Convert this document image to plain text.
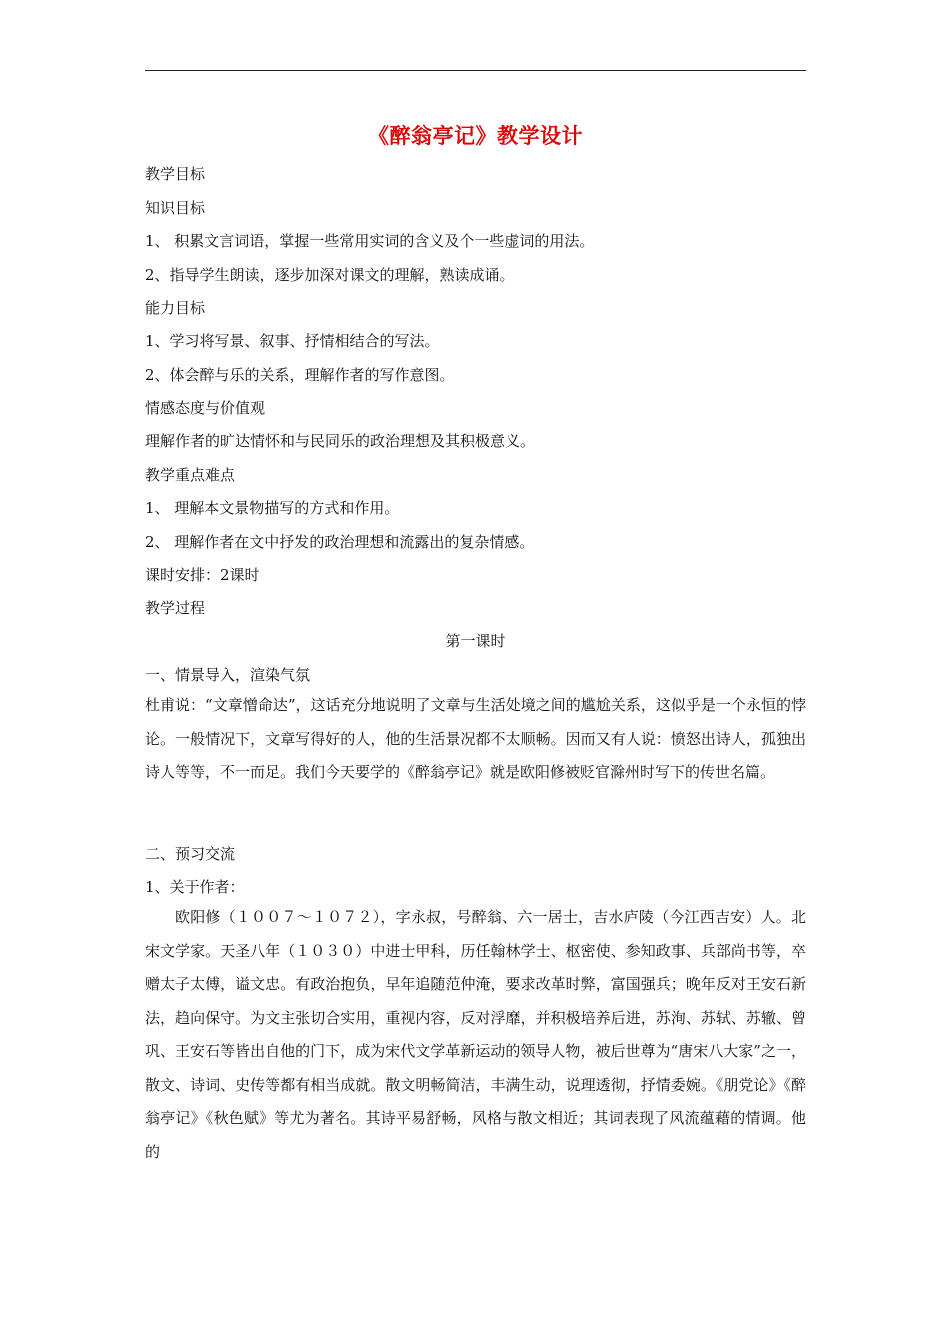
《醉翁亭记》教学设计
教学目标
知识目标
1、 积累文言词语，掌握一些常用实词的含义及个一些虚词的用法。
2、指导学生朗读，逐步加深对课文的理解，熟读成诵。
能力目标
1、学习将写景、叙事、抒情相结合的写法。
2、体会醉与乐的关系，理解作者的写作意图。
情感态度与价值观
理解作者的旷达情怀和与民同乐的政治理想及其积极意义。
教学重点难点
1、 理解本文景物描写的方式和作用。
2、 理解作者在文中抒发的政治理想和流露出的复杂情感。
课时安排：2课时
教学过程
第一课时
一、情景导入，渲染气氛
杜甫说：“文章憎命达”，这话充分地说明了文章与生活处境之间的尴尬关系，这似乎是一个永恒的悖论。一般情况下，文章写得好的人，他的生活景况都不太顺畅。因而又有人说：愤怒出诗人，孤独出诗人等等，不一而足。我们今天要学的《醉翁亭记》就是欧阳修被贬官滁州时写下的传世名篇。
二、预习交流
1、关于作者：
欧阳修（１００７～１０７２），字永叔，号醉翁、六一居士，吉水庐陵（今江西吉安）人。北宋文学家。天圣八年（１０３０）中进士甲科，历任翰林学士、枢密使、参知政事、兵部尚书等，卒赠太子太傅，谥文忠。有政治抱负，早年追随范仲淹，要求改革时弊，富国强兵；晚年反对王安石新法，趋向保守。为文主张切合实用，重视内容，反对浮靡，并积极培养后进，苏洵、苏轼、苏辙、曾巩、王安石等皆出自他的门下，成为宋代文学革新运动的领导人物，被后世尊为“唐宋八大家”之一，散文、诗词、史传等都有相当成就。散文明畅简洁，丰满生动，说理透彻，抒情委婉。《朋党论》《醉翁亭记》《秋色赋》等尤为著名。其诗平易舒畅，风格与散文相近；其词表现了风流蕴藉的情调。他的
